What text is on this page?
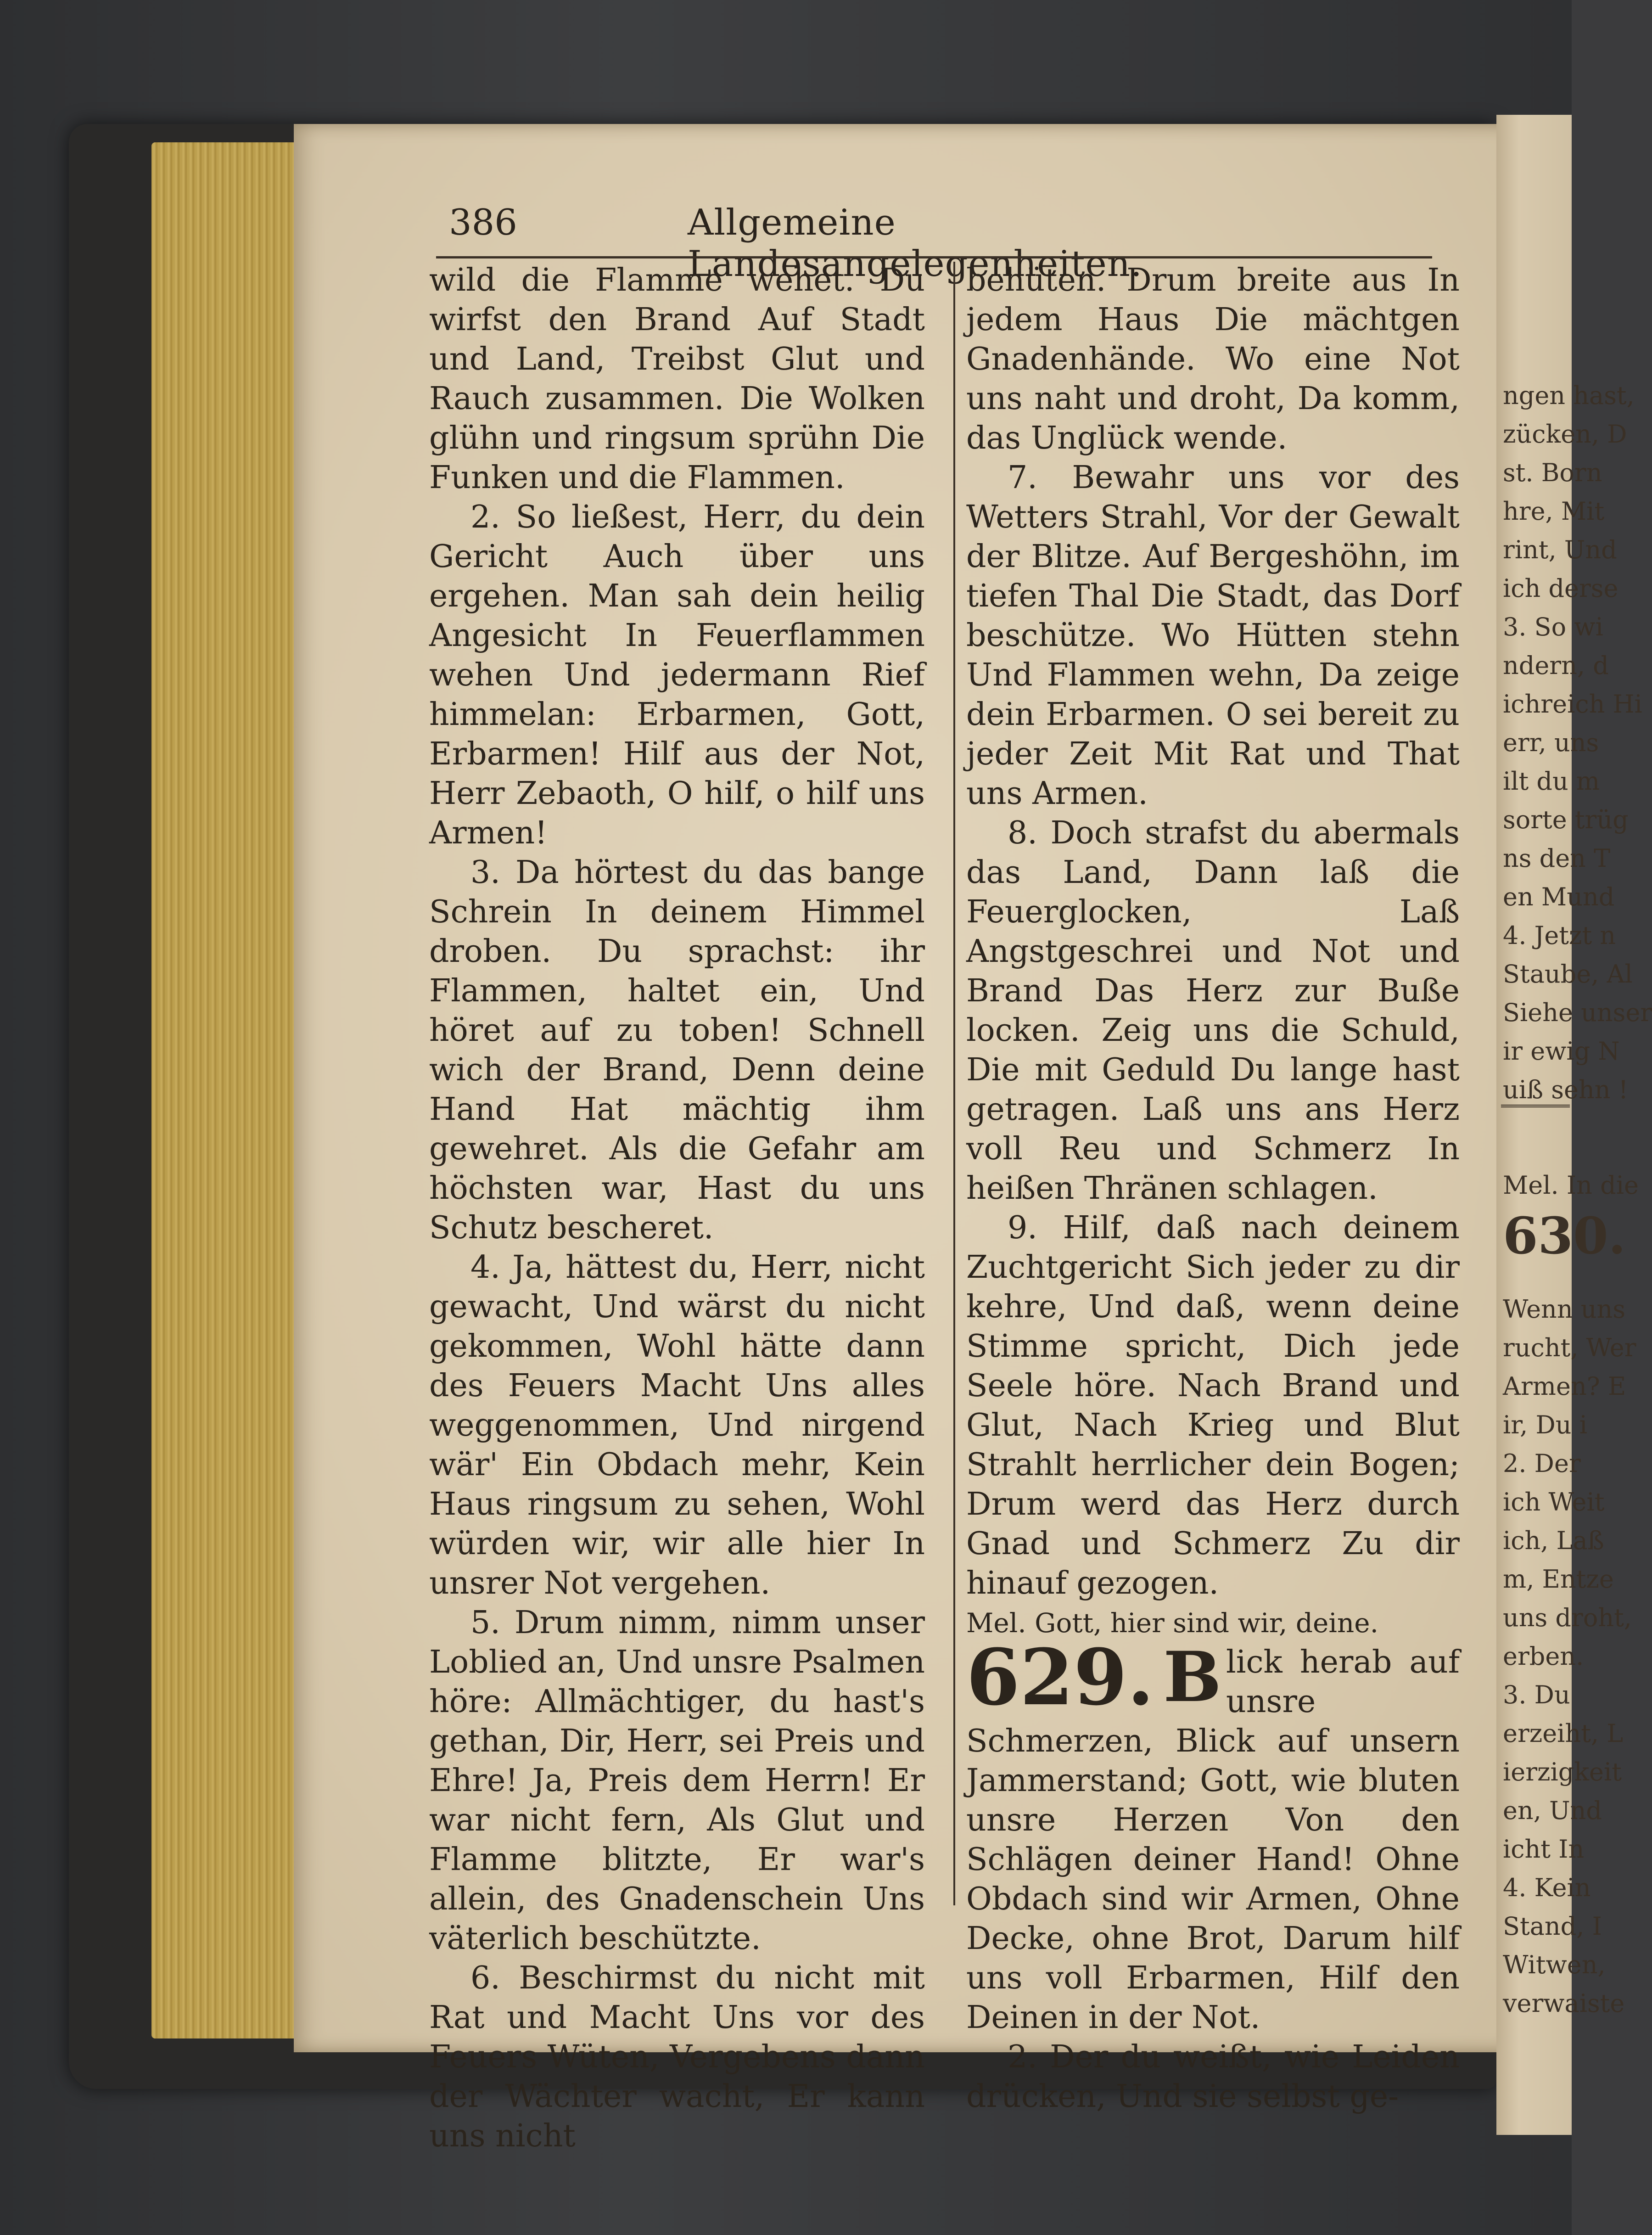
ngen hast,
zücken, D
st. Born
hre, Mit
rint, Und
ich derse
3. So wi
ndern, d
ichreich Hi
err, uns
ilt du m
sorte trüg
ns den T
en Mund
4. Jetzt n
Staube, Al
Siehe unser
ir ewig N
uiß sehn !
Mel. In die
630.
Wenn uns
rucht, Wer
Armen? E
ir, Du i
2. Der
ich Weit
ich, Laß
m, Entze
uns droht,
erben.
3. Du
erzeiht, L
ierzigkeit
en, Und
icht In
4. Kein
Stand, I
Witwen,
verwaiste
386	Allgemeine Landesangelegenheiten.

wild die Flamme wehet. Du wirfst den Brand Auf Stadt und Land, Treibst Glut und Rauch zusammen. Die Wolken glühn und ringsum sprühn Die Funken und die Flammen.

2. So ließest, Herr, du dein Gericht Auch über uns ergehen. Man sah dein heilig Angesicht In Feuerflammen wehen Und jedermann Rief himmelan: Erbarmen, Gott, Erbarmen! Hilf aus der Not, Herr Zebaoth, O hilf, o hilf uns Armen!

3. Da hörtest du das bange Schrein In deinem Himmel droben. Du sprachst: ihr Flammen, haltet ein, Und höret auf zu toben! Schnell wich der Brand, Denn deine Hand Hat mächtig ihm gewehret. Als die Gefahr am höchsten war, Hast du uns Schutz bescheret.

4. Ja, hättest du, Herr, nicht gewacht, Und wärst du nicht gekommen, Wohl hätte dann des Feuers Macht Uns alles weggenommen, Und nirgend wär' Ein Obdach mehr, Kein Haus ringsum zu sehen, Wohl würden wir, wir alle hier In unsrer Not vergehen.

5. Drum nimm, nimm unser Loblied an, Und unsre Psalmen höre: Allmächtiger, du hast's gethan, Dir, Herr, sei Preis und Ehre! Ja, Preis dem Herrn! Er war nicht fern, Als Glut und Flamme blitzte, Er war's allein, des Gnadenschein Uns väterlich beschützte.

6. Beschirmst du nicht mit Rat und Macht Uns vor des Feuers Wüten, Vergebens dann der Wächter wacht, Er kann uns nicht

behüten. Drum breite aus In jedem Haus Die mächtgen Gnadenhände. Wo eine Not uns naht und droht, Da komm, das Unglück wende.

7. Bewahr uns vor des Wetters Strahl, Vor der Gewalt der Blitze. Auf Bergeshöhn, im tiefen Thal Die Stadt, das Dorf beschütze. Wo Hütten stehn Und Flammen wehn, Da zeige dein Erbarmen. O sei bereit zu jeder Zeit Mit Rat und That uns Armen.

8. Doch strafst du abermals das Land, Dann laß die Feuerglocken, Laß Angstgeschrei und Not und Brand Das Herz zur Buße locken. Zeig uns die Schuld, Die mit Geduld Du lange hast getragen. Laß uns ans Herz voll Reu und Schmerz In heißen Thränen schlagen.

9. Hilf, daß nach deinem Zuchtgericht Sich jeder zu dir kehre, Und daß, wenn deine Stimme spricht, Dich jede Seele höre. Nach Brand und Glut, Nach Krieg und Blut Strahlt herrlicher dein Bogen; Drum werd das Herz durch Gnad und Schmerz Zu dir hinauf gezogen.

Mel. Gott, hier sind wir, deine.

629. B lick herab auf unsre Schmerzen, Blick auf unsern Jammerstand; Gott, wie bluten unsre Herzen Von den Schlägen deiner Hand! Ohne Obdach sind wir Armen, Ohne Decke, ohne Brot, Darum hilf uns voll Erbarmen, Hilf den Deinen in der Not.

2. Der du weißt, wie Leiden drücken, Und sie selbst ge-
